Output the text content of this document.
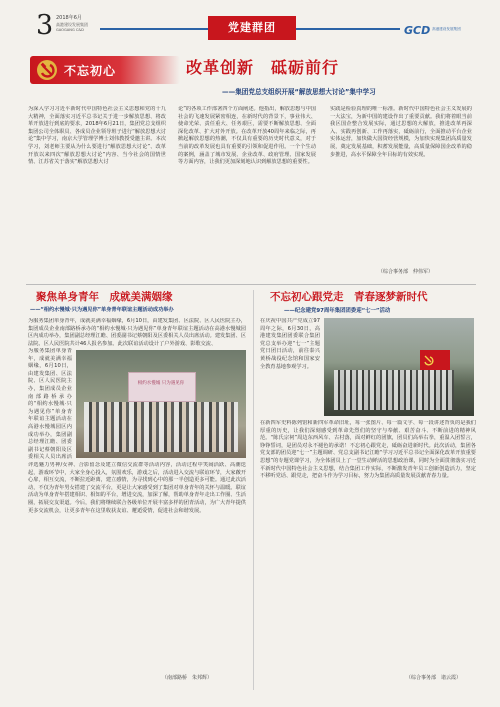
3 2018年6月
高港建设发展集团
GAOGANG C&D	党建群团	GCD 高港建设发展集团
不忘初心	改革创新　砥砺前行
——集团党总支组织开展“解放思想大讨论”集中学习
为深入学习习近平新时代中国特色社会主义思想和党的十九大精神，全面落实习近平总书记关于进一步解放思想、将改革开放进行到底的要求，2018年6月21日，集团党总支组织集团公司全体职员、各成员企业领导班子进行“解放思想大讨论”集中学习，南京大学管理学博士刘伟教授受邀主讲。本次学习，刘老师主要从为什么要进行“解放思想大讨论”、改革开放以来四次“解放思想大讨论”内容、当今社会的国情世情、江苏省关于落实“解放思想大讨
论”的各项工作部署四个方面阐述。他指出，解放思想与中国社会的飞速发展紧密相连，在新时代的背景下，事业伟大、使命光荣、责任重大、任务艰巨，需要不断解放思想、全面深化改革、扩大对外开放。在改革开放40周年来临之际，再掀起解放思想的热潮，不仅具有重要的历史时代意义，对于当前的改革发展也具有重要的引领和促进作用。一个个生动的案例，涵盖了城市发展、企业改革、政府管理、国家发展等方面内容，让我们更加深刻地认识到解放思想的重要性。
实践是检验真理的唯一标准。新时代中国特色社会主义发展的一大法宝，为新中国的建设作出了重要贡献。我们将着眼当前我区国企整合发展实际，通过思想的大解放，推进改革再深入、实践再创新、工作再落实，砥砺前行，全面推动平台企业实体运营，加快做大国资经营规模，为加快实现集团高质量发展，奠定发展基础，积蓄发展能量，高质量保障国企改革的稳步推进，高水平保障全年目标的有效实现。
（综合事务部　仲伟军）
聚焦单身青年　成就美满姻缘
——“相约水慢城·只为遇见你”单身青年联谊主题活动成功举办
为服务集团单身青年，成就美满幸福姻缘，6月10日，由建发集团、区法院、区人民医院主办，集团成员企业南部路桥承办的“相约水慢城·只为遇见你”单身青年联谊主题活动在高港水慢城园区内成功举办，集团副总经理江瞻、团委副书记蔡朝阳及区委相关人员出席活动。建发集团、区法院、区人民医院共计46人报名参加。此次联谊活动设计了户外游戏、影歌交流、
为服务集团单身青年，成就美满幸福姻缘，6月10日，由建发集团、区法院、区人民医院主办，集团成员企业南部路桥承办的“相约水慢城·只为遇见你”单身青年联谊主题活动在高港水慢城园区内成功举办，集团副总经理江瞻、团委副书记蔡朝阳及区委相关人员出席活
相约水慢城 只为遇见你
评选魅力男神/女神、合影留念及建立微信交流群等活动内容，活动过程中笑闹活跃、高潮迭起，游戏环节中，大家全身心投入，氛围欢乐，游戏之后，活动进入交流与联谊环节，大家敞开心扉，相互交流，不断拉近距离，建立感情，为寻找到心中的那一半创造更多可能。通过此次活动，不仅为青年男女搭建了交流平台，更是让大家感受到了集团对单身青年的关怀与温暖。联谊活动为单身青年搭建相识、相知的平台，增进交流，加深了解，帮助单身青年走出工作圈、生活圈，拓展交友渠道。今后，我们将继续联合各级单位开展丰富多样的团青活动，为广大青年提供更多交流机会，让更多青年在这里收获友谊、邂逅爱情，促进社会和谐发展。
（南部路桥　朱邦辉）
不忘初心跟党走　青春逐梦新时代
——纪念建党97周年集团团委迎“七一”活动
在庆祝中国共产党成立97周年之际，6月30日，高港建发集团团委联合集团党总支举办迎“七一”主题党日团日活动，前往泰兴黄桥战役纪念馆和国家安全教育基地参观学习。
在新四军史料陈列馆和新四军革命旧址，每一张图片、每一篇文字、每一段讲述背负的是我们厚重的历史，让我们深刻感受到革命先烈们的坚守与奉献、艰苦奋斗、不断前进的精神风范。“陈氏宗祠”周边东西风车、古村落，面对鲜红的团旗，团员们高举右拳，重温入团誓言，铮铮誓词，是团员对永不褪色的承诺！不忘初心跟党走，砥砺奋进新时代。此次活动，集团各党支部的团员迎“七一”主题调研、党总支副书记江瞻“学习习近平总书记全面深化改革开放重要思想”的专题党课学习，为全体团员上了一堂生动鲜活的思想政治课，同时为全面贯彻落实习近平新时代中国特色社会主义思想，结合集团工作实际，不断激发青年员工创新创造活力，坚定不移听党话、跟党走，把奋斗作为学习目标，努力为集团高质量发展贡献青春力量。
（综合事务部　诸云霞）
